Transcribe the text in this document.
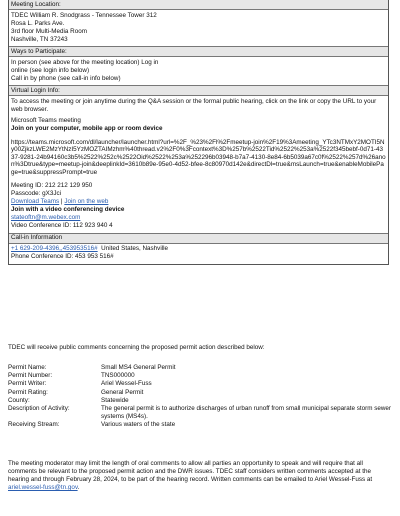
Meeting Location:
TDEC William R. Snodgrass - Tennessee Tower 312
Rosa L. Parks Ave.
3rd floor Multi-Media Room
Nashville, TN 37243
Ways to Participate:
In person (see above for the meeting location) Log in
online (see login info below)
Call in by phone (see call-in info below)
Virtual Login Info:
To access the meeting or join anytime during the Q&A session or the formal public hearing, click on the link or copy the URL to your web browser.
Microsoft Teams meeting
Join on your computer, mobile app or room device
https://teams.microsoft.com/dl/launcher/launcher.html?url=%2F_%23%2Fl%2Fmeetup-join%2F19%3Ameeting_YTc3NTMxY2MOTI5Ny00ZjkzLWE2MzYtNzI5YzMOZTAIMzhm%40thread.v2%2F0%3Fcontext%3D%257b%2522Tid%2522%253a%2522f345bebf-0d71-4337-9281-24b94160c3b5%2522%252c%2522Oid%2522%253a%252296b03948-b7a7-4130-8e84-6b5039a67c0f%2522%257d%26anon%3Dtrue&type=meetup-join&deeplinkId=3610b89e-95e0-4d52-bfee-8c80970d142e&directDl=true&msLaunch=true&enableMobilePage=true&suppressPrompt=true
Meeting ID: 212 212 129 950
Passcode: gX3Jci
Download Teams | Join on the web
Join with a video conferencing device
stateoftn@m.webex.com
Video Conference ID: 112 923 940 4
Call-in Information
+1 629-209-4396,,453953516#  United States, Nashville
Phone Conference ID: 453 953 516#
TDEC will receive public comments concerning the proposed permit action described below:
Permit Name:	Small MS4 General Permit
Permit Number:	TNS000000
Permit Writer:	Ariel Wessel-Fuss
Permit Rating:	General Permit
County:	Statewide
Description of Activity:	The general permit is to authorize discharges of urban runoff from small municipal separate storm sewer systems (MS4s).
Receiving Stream:	Various waters of the state
The meeting moderator may limit the length of oral comments to allow all parties an opportunity to speak and will require that all comments be relevant to the proposed permit action and the DWR issues. TDEC staff considers written comments accepted at the hearing and through February 28, 2024, to be part of the hearing record. Written comments can be emailed to Ariel Wessel-Fuss at ariel.wessel-fuss@tn.gov.
